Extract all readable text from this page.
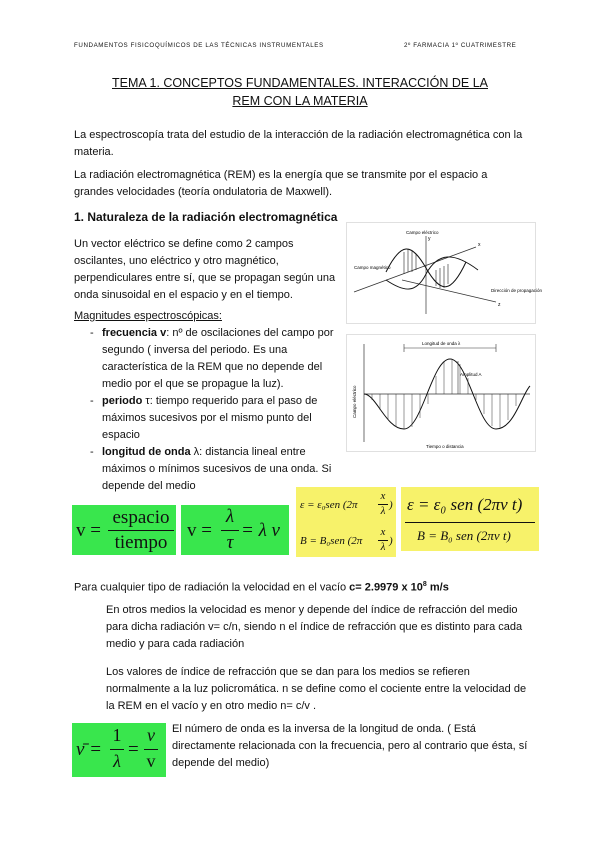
FUNDAMENTOS FISICOQUÍMICOS DE LAS TÉCNICAS INSTRUMENTALES	2º FARMACIA 1º CUATRIMESTRE
TEMA 1. CONCEPTOS FUNDAMENTALES. INTERACCIÓN DE LA
REM CON LA MATERIA
La espectroscopía trata del estudio de la interacción de la radiación electromagnética con la materia.
La radiación electromagnética (REM) es la energía que se transmite por el espacio a grandes velocidades (teoría ondulatoria de Maxwell).
1. Naturaleza de la radiación electromagnética
Un vector eléctrico se define como 2 campos oscilantes, uno eléctrico y otro magnético, perpendiculares entre sí, que se propagan según una onda sinusoidal en el espacio y en el tiempo.
Magnitudes espectroscópicas:
- frecuencia v: nº de oscilaciones del campo por segundo ( inversa del periodo. Es una característica de la REM que no depende del medio por el que se propague la luz).
- periodo τ: tiempo requerido para el paso de máximos sucesivos por el mismo punto del espacio
- longitud de onda λ: distancia lineal entre máximos o mínimos sucesivos de una onda. Si depende del medio
Campo eléctrico
Campo magnético
Dirección de propagación
y
z
x
Longitud de onda λ
Amplitud A
Campo eléctrico
Tiempo o distancia
v =
espacio
tiempo
v =
λ
τ
= λ ν
ε = ε₀sen (2π
x
λ )
B = B₀sen (2π
x
λ )
ε = ε₀ sen (2πν t)
B = B₀ sen (2πν t)
Para cualquier tipo de radiación la velocidad en el vacío c= 2.9979 x $10^8$ m/s
En otros medios la velocidad es menor y depende del índice de refracción del medio para dicha radiación v= c/n, siendo n el índice de refracción que es distinto para cada medio y para cada radiación
Los valores de índice de refracción que se dan para los medios se refieren normalmente a la luz policromática. n se define como el cociente entre la velocidad de la REM en el vacío y en otro medio n= c/v .
ν̄ =
1
λ
=
ν
v
El número de onda es la inversa de la longitud de onda. ( Está directamente relacionada con la frecuencia, pero al contrario que ésta, sí depende del medio)
